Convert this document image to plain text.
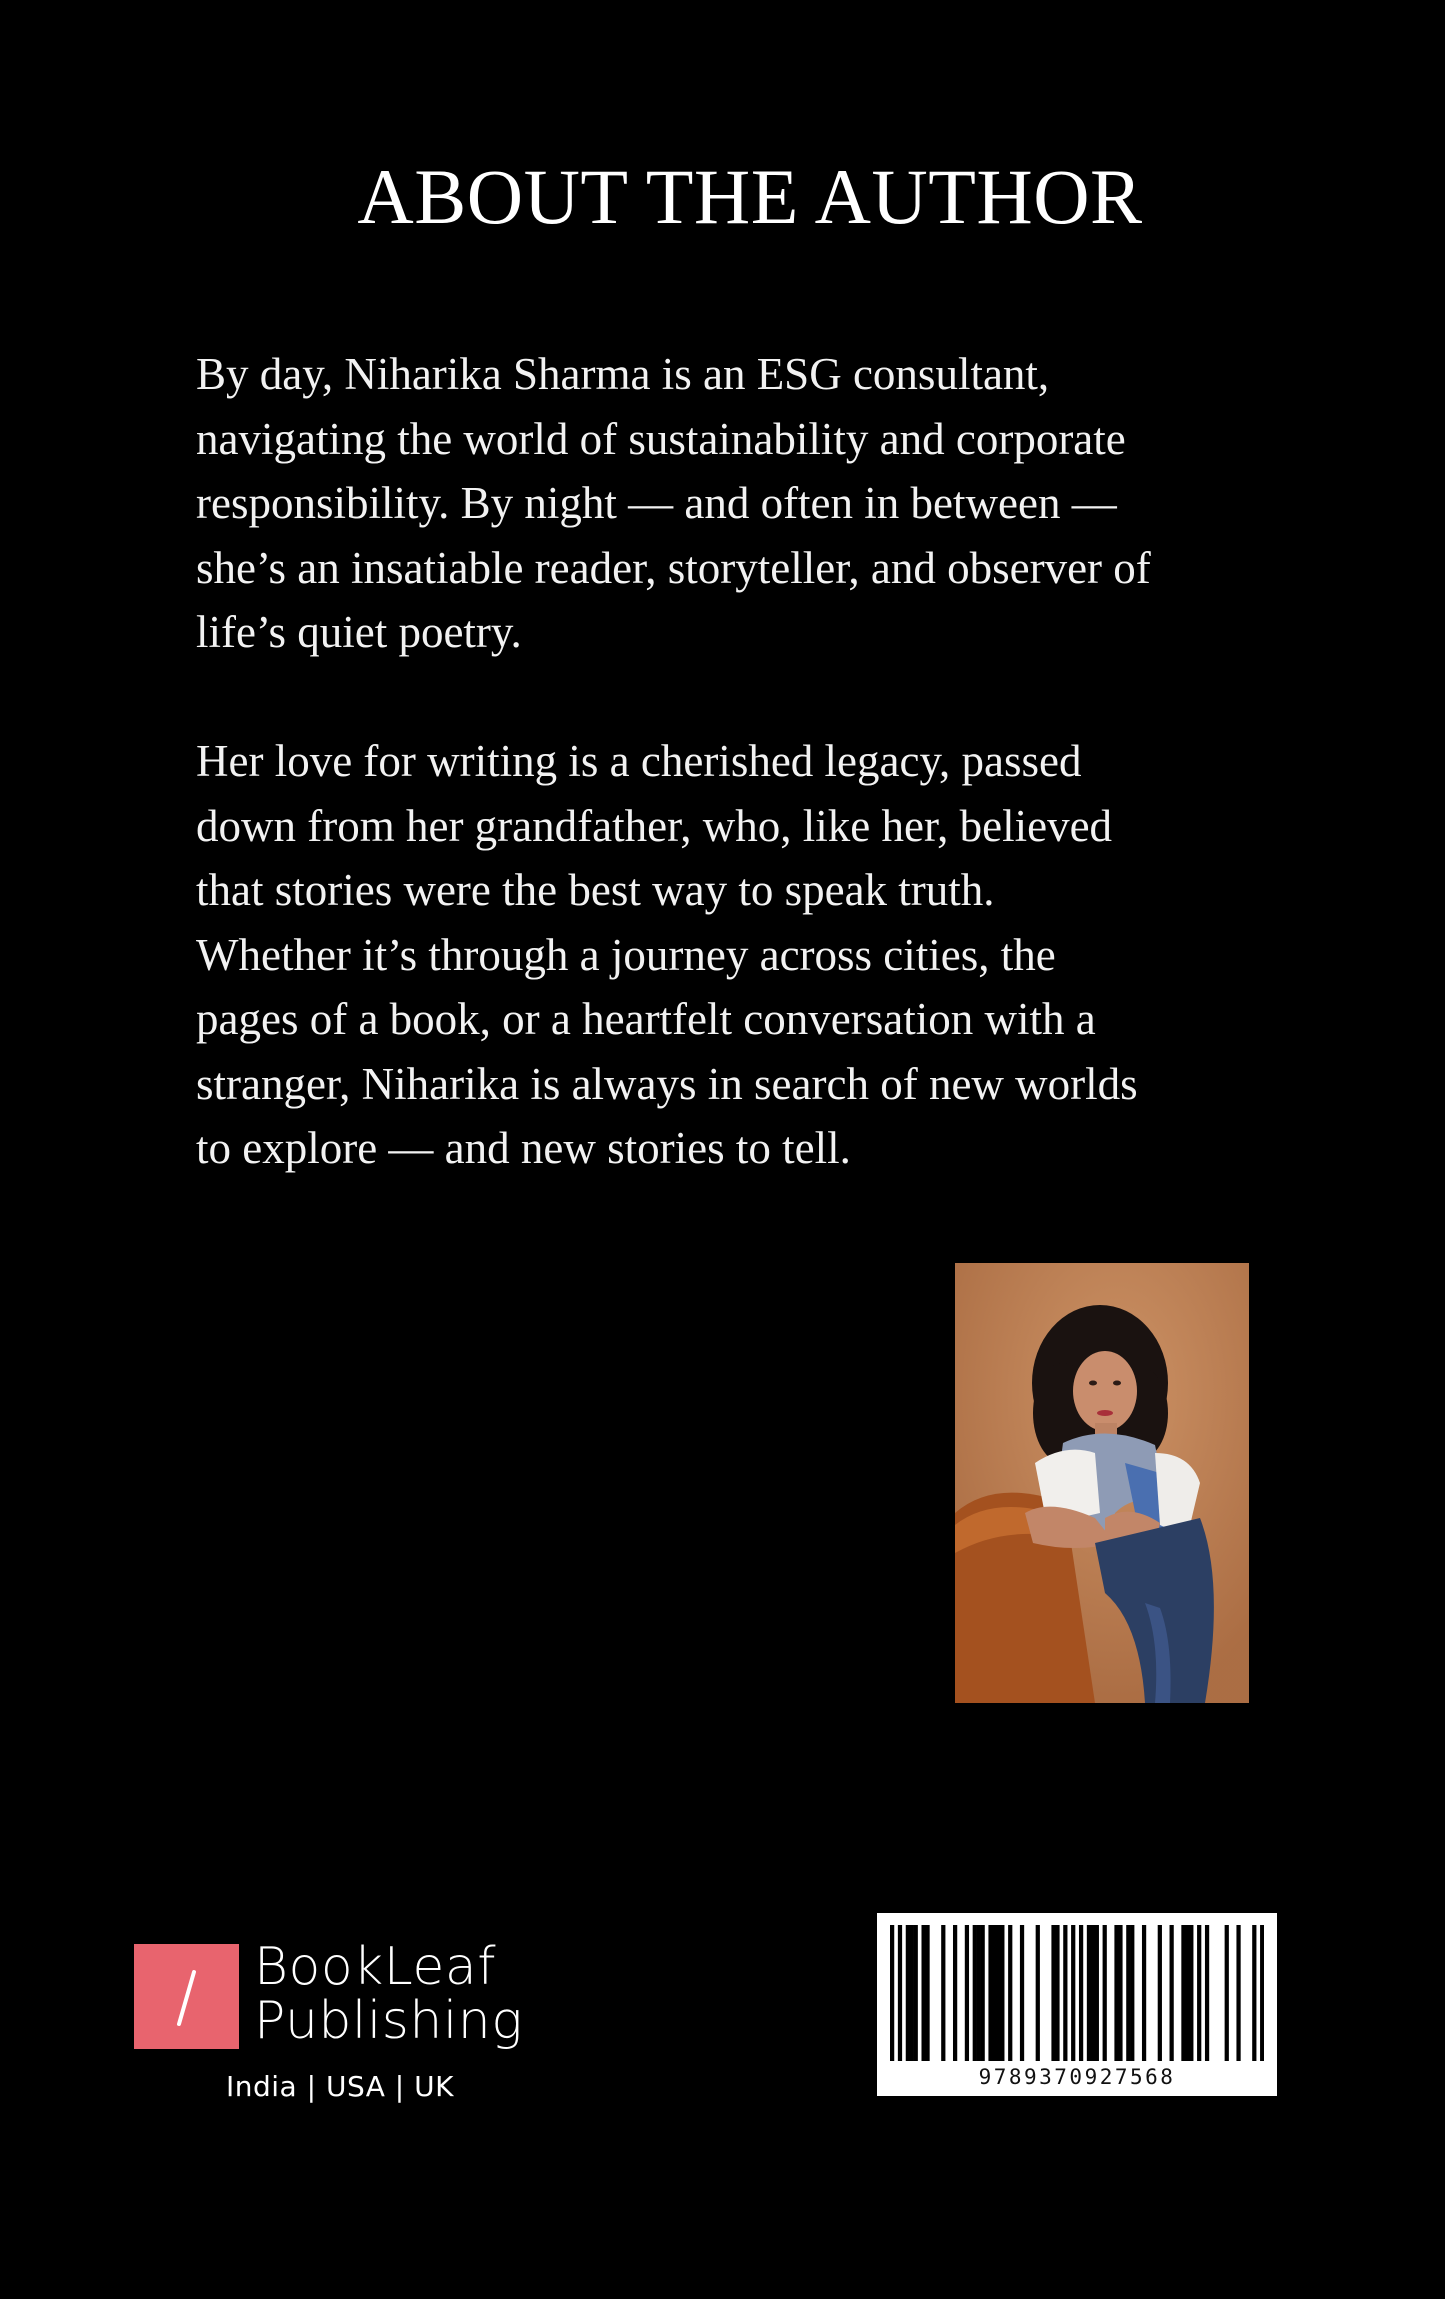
ABOUT THE AUTHOR

By day, Niharika Sharma is an ESG consultant,
navigating the world of sustainability and corporate
responsibility. By night — and often in between —
she’s an insatiable reader, storyteller, and observer of
life’s quiet poetry.

Her love for writing is a cherished legacy, passed
down from her grandfather, who, like her, believed
that stories were the best way to speak truth.
Whether it’s through a journey across cities, the
pages of a book, or a heartfelt conversation with a
stranger, Niharika is always in search of new worlds
to explore — and new stories to tell.

BookLeaf
Publishing
India | USA | UK	9789370927568
